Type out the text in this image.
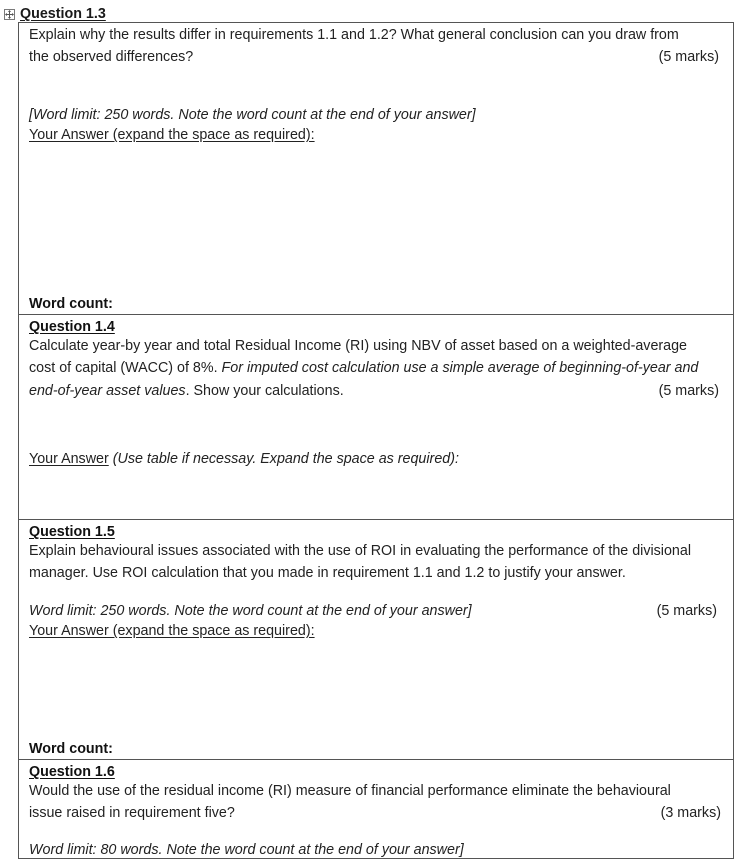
Question 1.3
Explain why the results differ in requirements 1.1 and 1.2? What general conclusion can you draw from
the observed differences?	(5 marks)
[Word limit: 250 words. Note the word count at the end of your answer]
Your Answer (expand the space as required):
Word count:
Question 1.4
Calculate year-by year and total Residual Income (RI) using NBV of asset based on a weighted-average
cost of capital (WACC) of 8%. For imputed cost calculation use a simple average of beginning-of-year and
end-of-year asset values. Show your calculations.	(5 marks)
Your Answer (Use table if necessay. Expand the space as required):
Question 1.5
Explain behavioural issues associated with the use of ROI in evaluating the performance of the divisional
manager. Use ROI calculation that you made in requirement 1.1 and 1.2 to justify your answer.
Word limit: 250 words. Note the word count at the end of your answer]	(5 marks)
Your Answer (expand the space as required):
Word count:
Question 1.6
Would the use of the residual income (RI) measure of financial performance eliminate the behavioural
issue raised in requirement five?	(3 marks)
Word limit: 80 words. Note the word count at the end of your answer]
